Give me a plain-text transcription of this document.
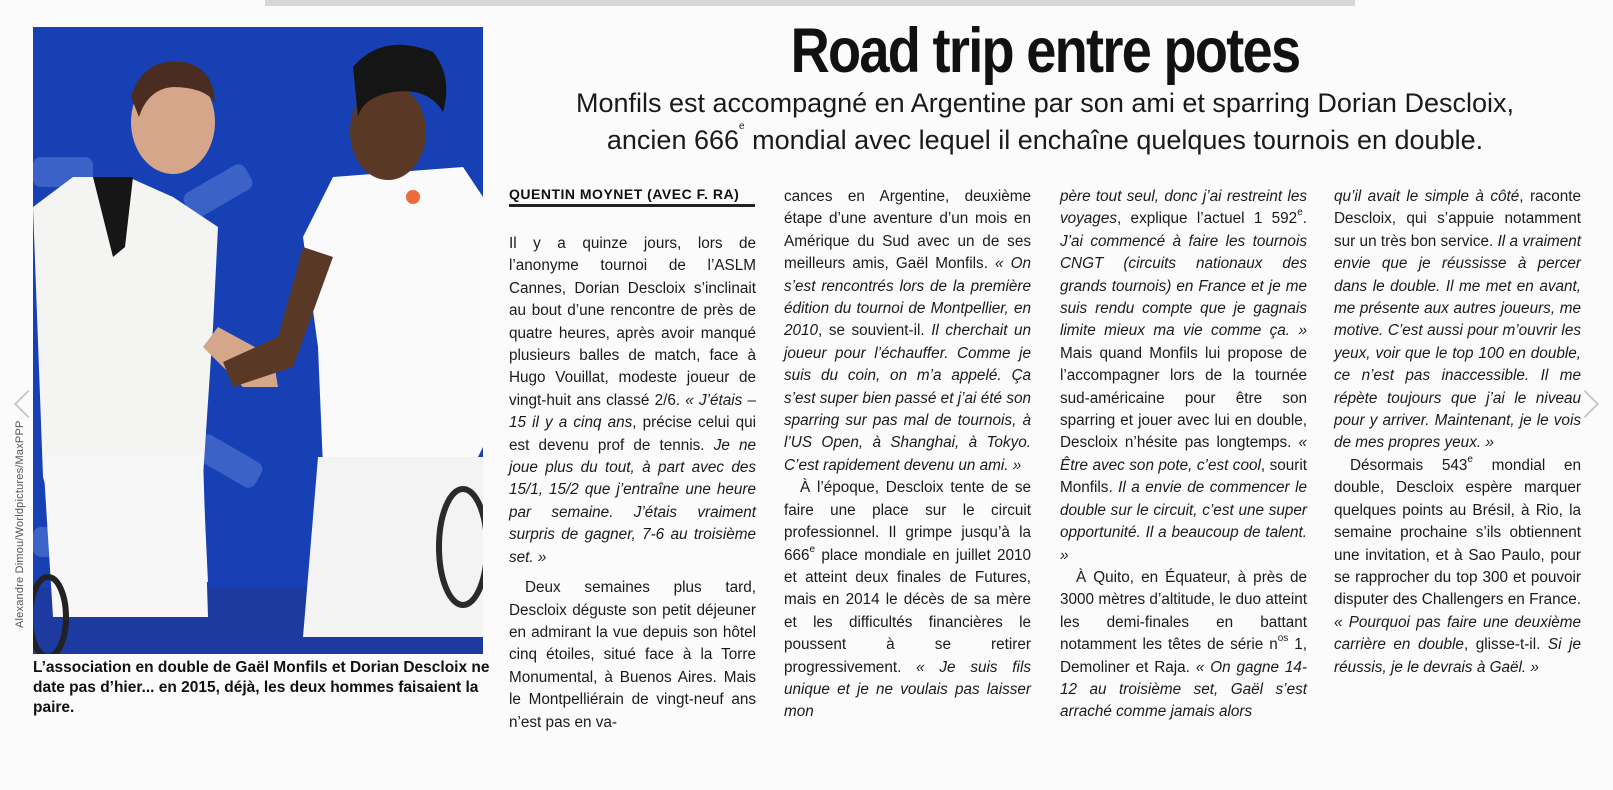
Alexandre Dimou/Worldpictures/MaxPPP
L’association en double de Gaël Monfils et Dorian Descloix ne date pas d’hier... en 2015, déjà, les deux hommes faisaient la paire.
Road trip entre potes
Monfils est accompagné en Argentine par son ami et sparring Dorian Descloix,
ancien 666e mondial avec lequel il enchaîne quelques tournois en double.
QUENTIN MOYNET (AVEC F. RA)

Il y a quinze jours, lors de l’anonyme tournoi de l’ASLM Cannes, Dorian Descloix s’inclinait au bout d’une rencontre de près de quatre heures, après avoir manqué plusieurs balles de match, face à Hugo Vouillat, modeste joueur de vingt-huit ans classé 2/6. « J’étais – 15 il y a cinq ans, précise celui qui est devenu prof de tennis. Je ne joue plus du tout, à part avec des 15/1, 15/2 que j’entraîne une heure par semaine. J’étais vraiment surpris de gagner, 7-6 au troisième set. »

Deux semaines plus tard, Descloix déguste son petit déjeuner en admirant la vue depuis son hôtel cinq étoiles, situé face à la Torre Monumental, à Buenos Aires. Mais le Montpelliérain de vingt-neuf ans n’est pas en va-

cances en Argentine, deuxième étape d’une aventure d’un mois en Amérique du Sud avec un de ses meilleurs amis, Gaël Monfils. « On s’est rencontrés lors de la première édition du tournoi de Montpellier, en 2010, se souvient-il. Il cherchait un joueur pour l’échauffer. Comme je suis du coin, on m’a appelé. Ça s’est super bien passé et j’ai été son sparring sur pas mal de tournois, à l’US Open, à Shanghai, à Tokyo. C’est rapidement devenu un ami. »

À l’époque, Descloix tente de se faire une place sur le circuit professionnel. Il grimpe jusqu’à la 666e place mondiale en juillet 2010 et atteint deux finales de Futures, mais en 2014 le décès de sa mère et les difficultés financières le poussent à se retirer progressivement. « Je suis fils unique et je ne voulais pas laisser mon

père tout seul, donc j’ai restreint les voyages, explique l’actuel 1 592e. J’ai commencé à faire les tournois CNGT (circuits nationaux des grands tournois) en France et je me suis rendu compte que je gagnais limite mieux ma vie comme ça. » Mais quand Monfils lui propose de l’accompagner lors de la tournée sud-américaine pour être son sparring et jouer avec lui en double, Descloix n’hésite pas longtemps. « Être avec son pote, c’est cool, sourit Monfils. Il a envie de commencer le double sur le circuit, c’est une super opportunité. Il a beaucoup de talent. »

À Quito, en Équateur, à près de 3000 mètres d’altitude, le duo atteint les demi-finales en battant notamment les têtes de série $n^{os}$ 1, Demoliner et Raja. « On gagne 14-12 au troisième set, Gaël s’est arraché comme jamais alors

qu’il avait le simple à côté, raconte Descloix, qui s’appuie notamment sur un très bon service. Il a vraiment envie que je réussisse à percer dans le double. Il me met en avant, me présente aux autres joueurs, me motive. C’est aussi pour m’ouvrir les yeux, voir que le top 100 en double, ce n’est pas inaccessible. Il me répète toujours que j’ai le niveau pour y arriver. Maintenant, je le vois de mes propres yeux. »

Désormais 543e mondial en double, Descloix espère marquer quelques points au Brésil, à Rio, la semaine prochaine s’ils obtiennent une invitation, et à Sao Paulo, pour se rapprocher du top 300 et pouvoir disputer des Challengers en France. « Pourquoi pas faire une deuxième carrière en double, glisse-t-il. Si je réussis, je le devrais à Gaël. »
